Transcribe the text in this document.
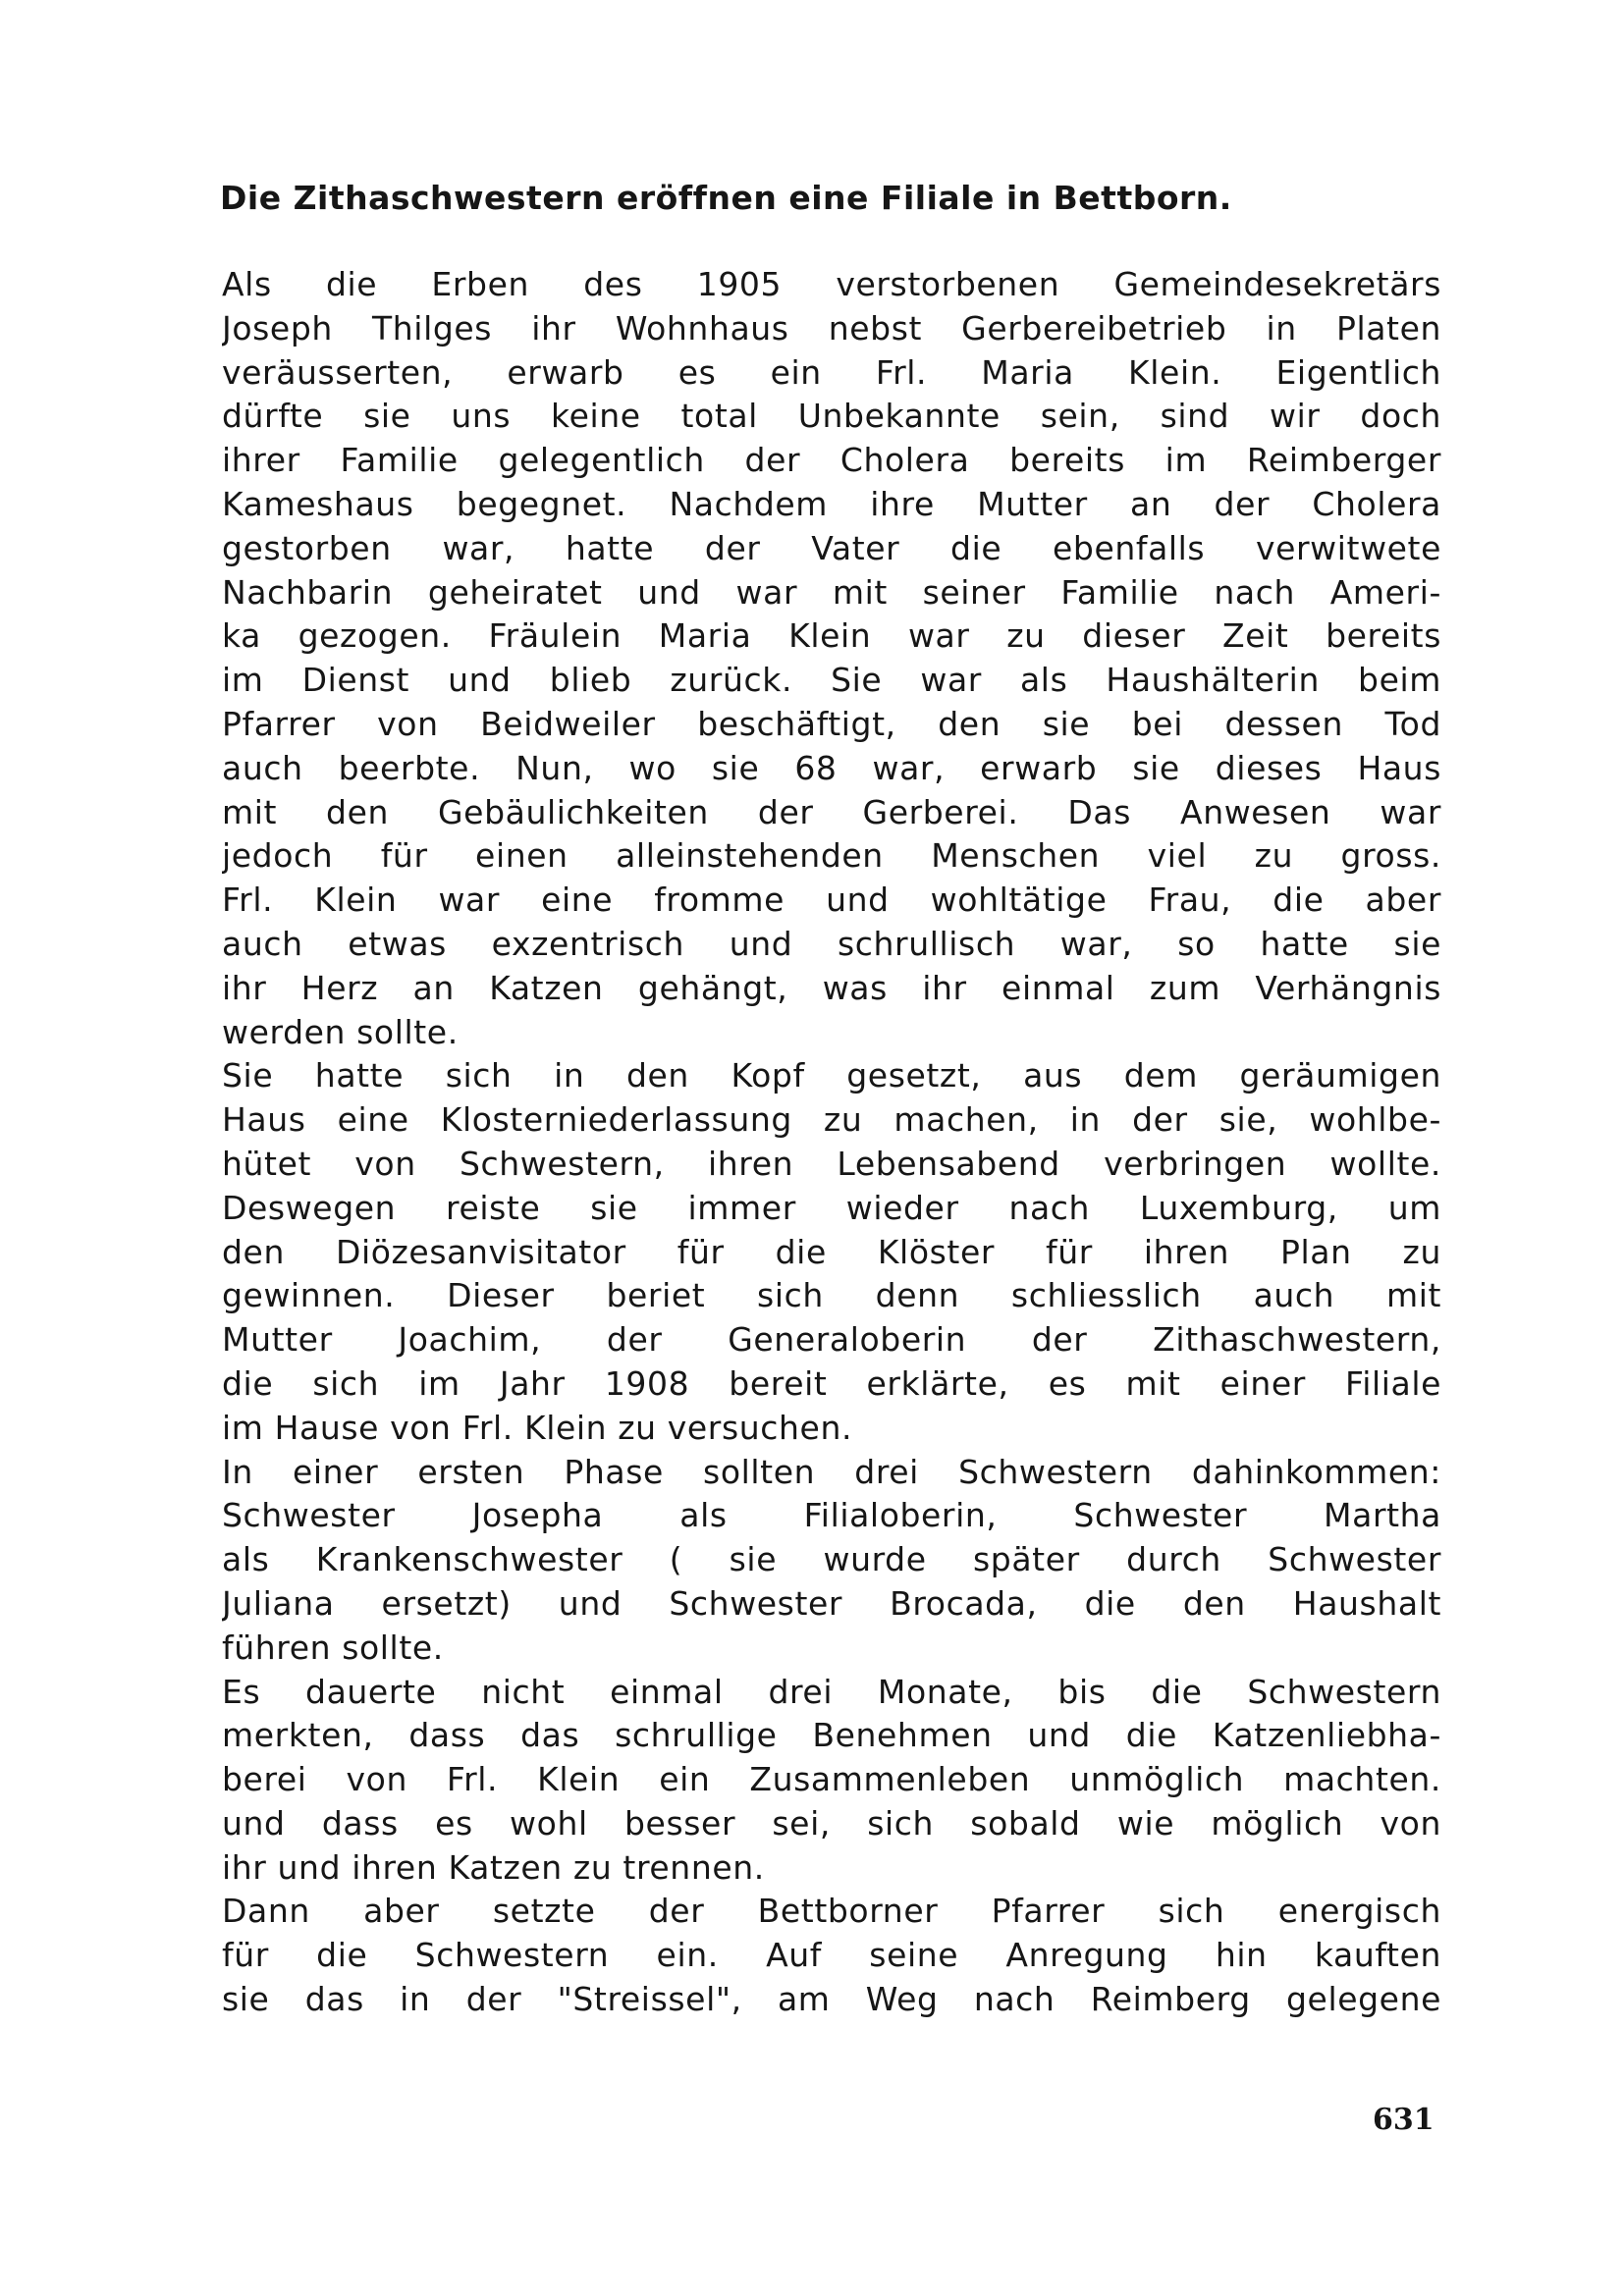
Die Zithaschwestern eröffnen eine Filiale in Bettborn.
Als die Erben des 1905 verstorbenen Gemeindesekretärs
Joseph Thilges ihr Wohnhaus nebst Gerbereibetrieb in Platen
veräusserten, erwarb es ein Frl. Maria Klein. Eigentlich
dürfte sie uns keine total Unbekannte sein, sind wir doch
ihrer Familie gelegentlich der Cholera bereits im Reimberger
Kameshaus begegnet. Nachdem ihre Mutter an der Cholera
gestorben war, hatte der Vater die ebenfalls verwitwete
Nachbarin geheiratet und war mit seiner Familie nach Ameri-
ka gezogen. Fräulein Maria Klein war zu dieser Zeit bereits
im Dienst und blieb zurück. Sie war als Haushälterin beim
Pfarrer von Beidweiler beschäftigt, den sie bei dessen Tod
auch beerbte. Nun, wo sie 68 war, erwarb sie dieses Haus
mit den Gebäulichkeiten der Gerberei. Das Anwesen war
jedoch für einen alleinstehenden Menschen viel zu gross.
Frl. Klein war eine fromme und wohltätige Frau, die aber
auch etwas exzentrisch und schrullisch war, so hatte sie
ihr Herz an Katzen gehängt, was ihr einmal zum Verhängnis
werden sollte.
Sie hatte sich in den Kopf gesetzt, aus dem geräumigen
Haus eine Klosterniederlassung zu machen, in der sie, wohlbe-
hütet von Schwestern, ihren Lebensabend verbringen wollte.
Deswegen reiste sie immer wieder nach Luxemburg, um
den Diözesanvisitator für die Klöster für ihren Plan zu
gewinnen. Dieser beriet sich denn schliesslich auch mit
Mutter Joachim, der Generaloberin der Zithaschwestern,
die sich im Jahr 1908 bereit erklärte, es mit einer Filiale
im Hause von Frl. Klein zu versuchen.
In einer ersten Phase sollten drei Schwestern dahinkommen:
Schwester Josepha als Filialoberin, Schwester Martha
als Krankenschwester ( sie wurde später durch Schwester
Juliana ersetzt) und Schwester Brocada, die den Haushalt
führen sollte.
Es dauerte nicht einmal drei Monate, bis die Schwestern
merkten, dass das schrullige Benehmen und die Katzenliebha-
berei von Frl. Klein ein Zusammenleben unmöglich machten.
und dass es wohl besser sei, sich sobald wie möglich von
ihr und ihren Katzen zu trennen.
Dann aber setzte der Bettborner Pfarrer sich energisch
für die Schwestern ein. Auf seine Anregung hin kauften
sie das in der "Streissel", am Weg nach Reimberg gelegene
631
